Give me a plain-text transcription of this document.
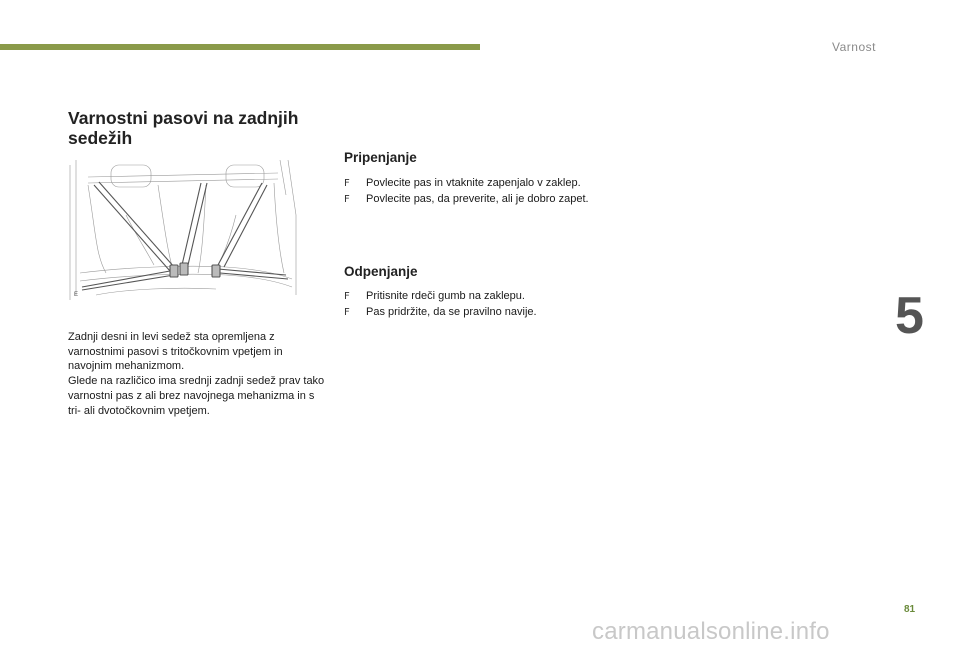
Varnost
5
Varnostni pasovi na zadnjih sedežih
E

Zadnji desni in levi sedež sta opremljena z varnostnimi pasovi s tritočkovnim vpetjem in navojnim mehanizmom.

Glede na različico ima srednji zadnji sedež prav tako varnostni pas z ali brez navojnega mehanizma in s tri- ali dvotočkovnim vpetjem.

Pripenjanje
F Povlecite pas in vtaknite zapenjalo v zaklep.
F Povlecite pas, da preverite, ali je dobro zapet.
Odpenjanje
F Pritisnite rdeči gumb na zaklepu.
F Pas pridržite, da se pravilno navije.
81
carmanualsonline.info
